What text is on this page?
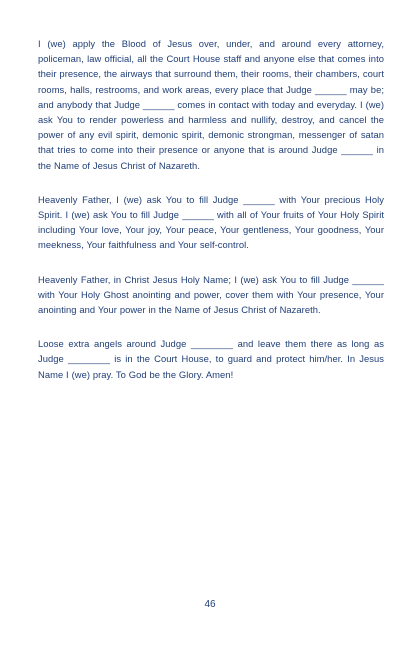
I (we) apply the Blood of Jesus over, under, and around every attorney, policeman, law official, all the Court House staff and anyone else that comes into their presence, the airways that surround them, their rooms, their chambers, court rooms, halls, restrooms, and work areas, every place that Judge ______ may be; and anybody that Judge ______ comes in contact with today and everyday. I (we) ask You to render powerless and harmless and nullify, destroy, and cancel the power of any evil spirit, demonic spirit, demonic strongman, messenger of satan that tries to come into their presence or anyone that is around Judge ______ in the Name of Jesus Christ of Nazareth.

Heavenly Father, I (we) ask You to fill Judge ______ with Your precious Holy Spirit. I (we) ask You to fill Judge ______ with all of Your fruits of Your Holy Spirit including Your love, Your joy, Your peace, Your gentleness, Your goodness, Your meekness, Your faithfulness and Your self-control.

Heavenly Father, in Christ Jesus Holy Name; I (we) ask You to fill Judge ______ with Your Holy Ghost anointing and power, cover them with Your presence, Your anointing and Your power in the Name of Jesus Christ of Nazareth.

Loose extra angels around Judge ________ and leave them there as long as Judge ________ is in the Court House, to guard and protect him/her. In Jesus Name I (we) pray. To God be the Glory. Amen!

46
